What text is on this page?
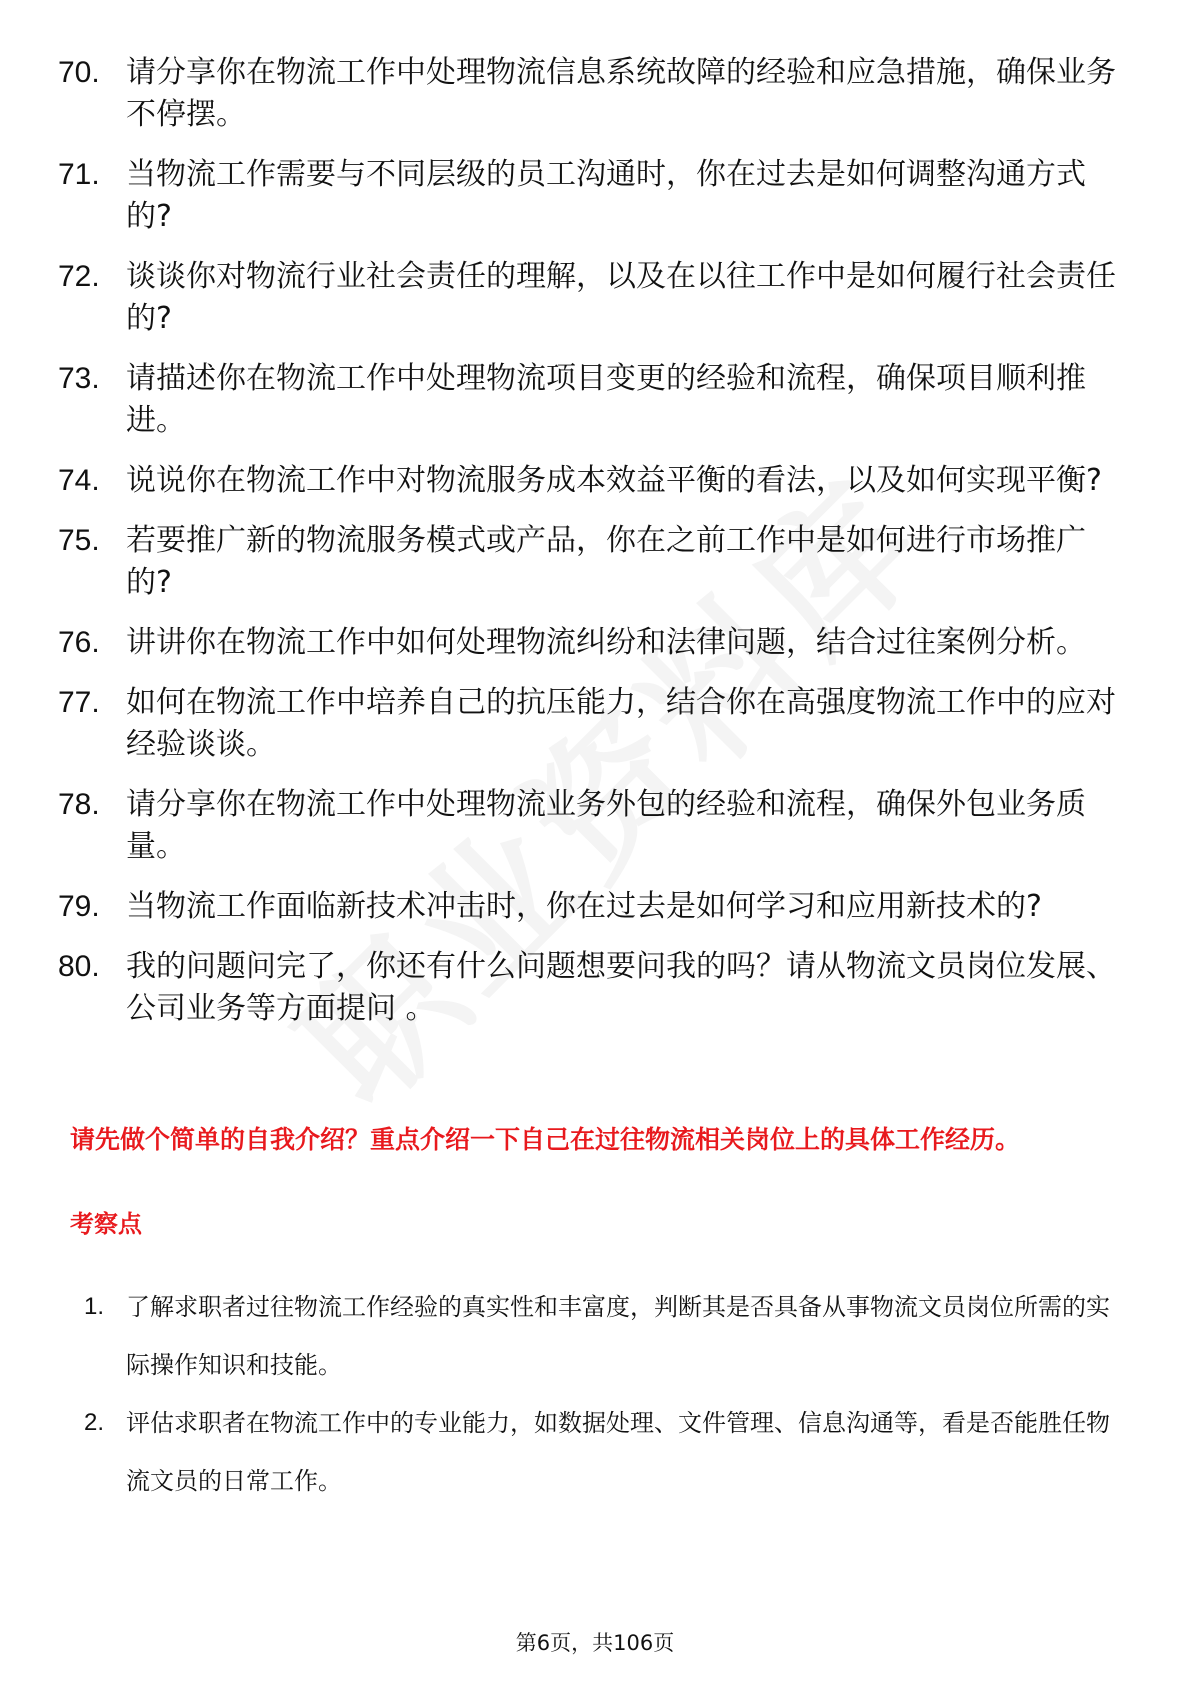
70. 请分享你在物流工作中处理物流信息系统故障的经验和应急措施，确保业务不停摆。
71. 当物流工作需要与不同层级的员工沟通时，你在过去是如何调整沟通方式的?
72. 谈谈你对物流行业社会责任的理解，以及在以往工作中是如何履行社会责任的?
73. 请描述你在物流工作中处理物流项目变更的经验和流程，确保项目顺利推进。
74. 说说你在物流工作中对物流服务成本效益平衡的看法，以及如何实现平衡?
75. 若要推广新的物流服务模式或产品，你在之前工作中是如何进行市场推广的?
76. 讲讲你在物流工作中如何处理物流纠纷和法律问题，结合过往案例分析。
77. 如何在物流工作中培养自己的抗压能力，结合你在高强度物流工作中的应对经验谈谈。
78. 请分享你在物流工作中处理物流业务外包的经验和流程，确保外包业务质量。
79. 当物流工作面临新技术冲击时，你在过去是如何学习和应用新技术的?
80. 我的问题问完了，你还有什么问题想要问我的吗？请从物流文员岗位发展、公司业务等方面提问 。
请先做个简单的自我介绍？重点介绍一下自己在过往物流相关岗位上的具体工作经历。
考察点
1. 了解求职者过往物流工作经验的真实性和丰富度，判断其是否具备从事物流文员岗位所需的实际操作知识和技能。
2. 评估求职者在物流工作中的专业能力，如数据处理、文件管理、信息沟通等，看是否能胜任物流文员的日常工作。
第6页，共106页
